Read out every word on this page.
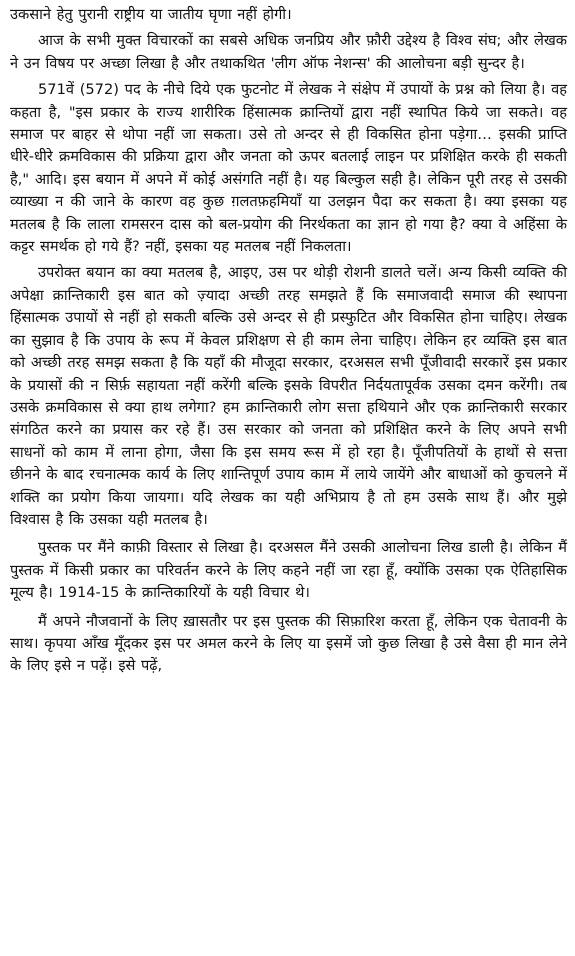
उकसाने हेतु पुरानी राष्ट्रीय या जातीय घृणा नहीं होगी।

आज के सभी मुक्त विचारकों का सबसे अधिक जनप्रिय और फ़ौरी उद्देश्य है विश्व संघ; और लेखक ने उन विषय पर अच्छा लिखा है और तथाकथित 'लीग ऑफ नेशन्स' की आलोचना बड़ी सुन्दर है।

571वें (572) पद के नीचे दिये एक फुटनोट में लेखक ने संक्षेप में उपायों के प्रश्न को लिया है। वह कहता है, "इस प्रकार के राज्य शारीरिक हिंसात्मक क्रान्तियों द्वारा नहीं स्थापित किये जा सकते। वह समाज पर बाहर से थोपा नहीं जा सकता। उसे तो अन्दर से ही विकसित होना पड़ेगा… इसकी प्राप्ति धीरे-धीरे क्रमविकास की प्रक्रिया द्वारा और जनता को ऊपर बतलाई लाइन पर प्रशिक्षित करके ही सकती है," आदि। इस बयान में अपने में कोई असंगति नहीं है। यह बिल्कुल सही है। लेकिन पूरी तरह से उसकी व्याख्या न की जाने के कारण वह कुछ ग़लतफ़हमियाँ या उलझन पैदा कर सकता है। क्या इसका यह मतलब है कि लाला रामसरन दास को बल-प्रयोग की निरर्थकता का ज्ञान हो गया है? क्या वे अहिंसा के कट्टर समर्थक हो गये हैं? नहीं, इसका यह मतलब नहीं निकलता।

उपरोक्त बयान का क्या मतलब है, आइए, उस पर थोड़ी रोशनी डालते चलें। अन्य किसी व्यक्ति की अपेक्षा क्रान्तिकारी इस बात को ज़्यादा अच्छी तरह समझते हैं कि समाजवादी समाज की स्थापना हिंसात्मक उपायों से नहीं हो सकती बल्कि उसे अन्दर से ही प्रस्फुटित और विकसित होना चाहिए। लेखक का सुझाव है कि उपाय के रूप में केवल प्रशिक्षण से ही काम लेना चाहिए। लेकिन हर व्यक्ति इस बात को अच्छी तरह समझ सकता है कि यहाँ की मौजूदा सरकार, दरअसल सभी पूँजीवादी सरकारें इस प्रकार के प्रयासों की न सिर्फ़ सहायता नहीं करेंगी बल्कि इसके विपरीत निर्दयतापूर्वक उसका दमन करेंगी। तब उसके क्रमविकास से क्या हाथ लगेगा? हम क्रान्तिकारी लोग सत्ता हथियाने और एक क्रान्तिकारी सरकार संगठित करने का प्रयास कर रहे हैं। उस सरकार को जनता को प्रशिक्षित करने के लिए अपने सभी साधनों को काम में लाना होगा, जैसा कि इस समय रूस में हो रहा है। पूँजीपतियों के हाथों से सत्ता छीनने के बाद रचनात्मक कार्य के लिए शान्तिपूर्ण उपाय काम में लाये जायेंगे और बाधाओं को कुचलने में शक्ति का प्रयोग किया जायगा। यदि लेखक का यही अभिप्राय है तो हम उसके साथ हैं। और मुझे विश्वास है कि उसका यही मतलब है।

पुस्तक पर मैंने काफ़ी विस्तार से लिखा है। दरअसल मैंने उसकी आलोचना लिख डाली है। लेकिन मैं पुस्तक में किसी प्रकार का परिवर्तन करने के लिए कहने नहीं जा रहा हूँ, क्योंकि उसका एक ऐतिहासिक मूल्य है। 1914-15 के क्रान्तिकारियों के यही विचार थे।

मैं अपने नौजवानों के लिए ख़ासतौर पर इस पुस्तक की सिफ़ारिश करता हूँ, लेकिन एक चेतावनी के साथ। कृपया आँख मूँदकर इस पर अमल करने के लिए या इसमें जो कुछ लिखा है उसे वैसा ही मान लेने के लिए इसे न पढ़ें। इसे पढ़ें,
